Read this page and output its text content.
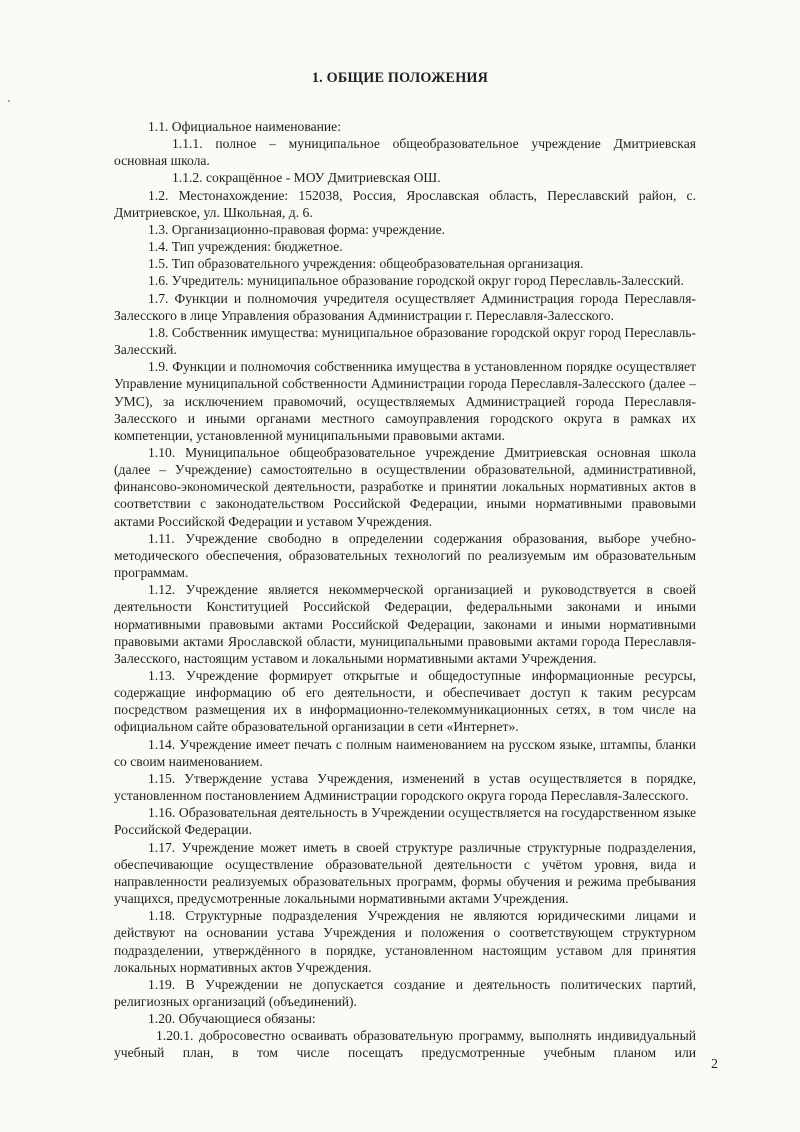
1. ОБЩИЕ ПОЛОЖЕНИЯ

1.1. Официальное наименование:

1.1.1. полное – муниципальное общеобразовательное учреждение Дмитриевская основная школа.

1.1.2. сокращённое - МОУ Дмитриевская ОШ.

1.2. Местонахождение: 152038, Россия, Ярославская область, Переславский район, с. Дмитриевское, ул. Школьная, д. 6.

1.3. Организационно-правовая форма: учреждение.

1.4. Тип учреждения: бюджетное.

1.5. Тип образовательного учреждения: общеобразовательная организация.

1.6. Учредитель: муниципальное образование городской округ город Переславль-Залесский.

1.7. Функции и полномочия учредителя осуществляет Администрация города Переславля-Залесского в лице Управления образования Администрации г. Переславля-Залесского.

1.8. Собственник имущества: муниципальное образование городской округ город Переславль-Залесский.

1.9. Функции и полномочия собственника имущества в установленном порядке осуществляет Управление муниципальной собственности Администрации города Переславля-Залесского (далее – УМС), за исключением правомочий, осуществляемых Администрацией города Переславля-Залесского и иными органами местного самоуправления городского округа в рамках их компетенции, установленной муниципальными правовыми актами.

1.10. Муниципальное общеобразовательное учреждение Дмитриевская основная школа (далее – Учреждение) самостоятельно в осуществлении образовательной, административной, финансово-экономической деятельности, разработке и принятии локальных нормативных актов в соответствии с законодательством Российской Федерации, иными нормативными правовыми актами Российской Федерации и уставом Учреждения.

1.11. Учреждение свободно в определении содержания образования, выборе учебно-методического обеспечения, образовательных технологий по реализуемым им образовательным программам.

1.12. Учреждение является некоммерческой организацией и руководствуется в своей деятельности Конституцией Российской Федерации, федеральными законами и иными нормативными правовыми актами Российской Федерации, законами и иными нормативными правовыми актами Ярославской области, муниципальными правовыми актами города Переславля-Залесского, настоящим уставом и локальными нормативными актами Учреждения.

1.13. Учреждение формирует открытые и общедоступные информационные ресурсы, содержащие информацию об его деятельности, и обеспечивает доступ к таким ресурсам посредством размещения их в информационно-телекоммуникационных сетях, в том числе на официальном сайте образовательной организации в сети «Интернет».

1.14. Учреждение имеет печать с полным наименованием на русском языке, штампы, бланки со своим наименованием.

1.15. Утверждение устава Учреждения, изменений в устав осуществляется в порядке, установленном постановлением Администрации городского округа города Переславля-Залесского.

1.16. Образовательная деятельность в Учреждении осуществляется на государственном языке Российской Федерации.

1.17. Учреждение может иметь в своей структуре различные структурные подразделения, обеспечивающие осуществление образовательной деятельности с учётом уровня, вида и направленности реализуемых образовательных программ, формы обучения и режима пребывания учащихся, предусмотренные локальными нормативными актами Учреждения.

1.18. Структурные подразделения Учреждения не являются юридическими лицами и действуют на основании устава Учреждения и положения о соответствующем структурном подразделении, утверждённого в порядке, установленном настоящим уставом для принятия локальных нормативных актов Учреждения.

1.19. В Учреждении не допускается создание и деятельность политических партий, религиозных организаций (объединений).

1.20. Обучающиеся обязаны:

1.20.1. добросовестно осваивать образовательную программу, выполнять индивидуальный учебный план, в том числе посещать предусмотренные учебным планом или

2
